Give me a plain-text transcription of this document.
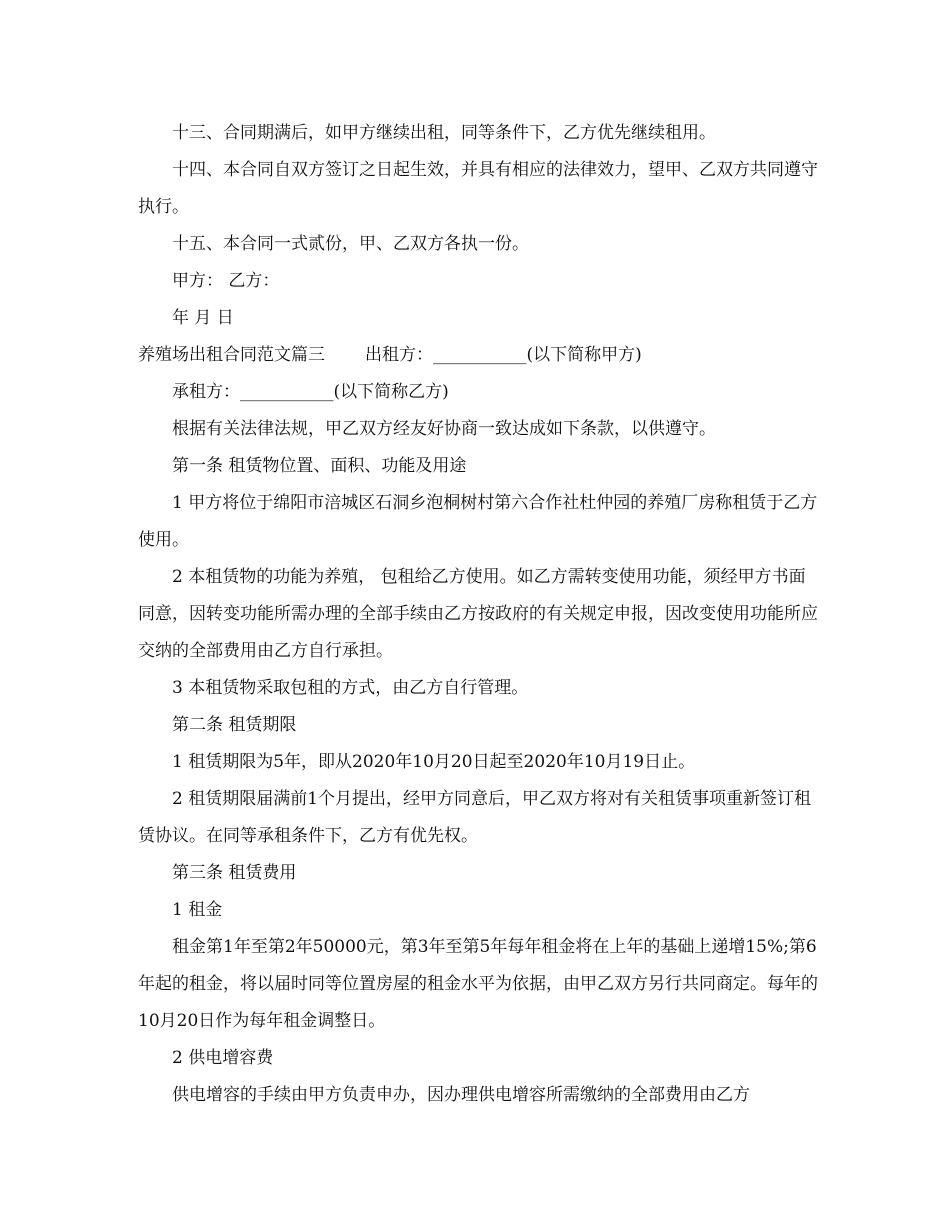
十三、合同期满后，如甲方继续出租，同等条件下，乙方优先继续租用。

十四、本合同自双方签订之日起生效，并具有相应的法律效力，望甲、乙双方共同遵守执行。

十五、本合同一式贰份，甲、乙双方各执一份。

甲方： 乙方：

年 月 日

养殖场出租合同范文篇三 出租方：___________(以下简称甲方)

承租方：___________(以下简称乙方)

根据有关法律法规，甲乙双方经友好协商一致达成如下条款，以供遵守。

第一条 租赁物位置、面积、功能及用途

1 甲方将位于绵阳市涪城区石洞乡泡桐树村第六合作社杜仲园的养殖厂房称租赁于乙方使用。

2 本租赁物的功能为养殖， 包租给乙方使用。如乙方需转变使用功能，须经甲方书面同意，因转变功能所需办理的全部手续由乙方按政府的有关规定申报，因改变使用功能所应交纳的全部费用由乙方自行承担。

3 本租赁物采取包租的方式，由乙方自行管理。

第二条 租赁期限

1 租赁期限为5年，即从2020年10月20日起至2020年10月19日止。

2 租赁期限届满前1个月提出，经甲方同意后，甲乙双方将对有关租赁事项重新签订租赁协议。在同等承租条件下，乙方有优先权。

第三条 租赁费用

1 租金

租金第1年至第2年50000元，第3年至第5年每年租金将在上年的基础上递增15%;第6年起的租金，将以届时同等位置房屋的租金水平为依据，由甲乙双方另行共同商定。每年的10月20日作为每年租金调整日。

2 供电增容费

供电增容的手续由甲方负责申办，因办理供电增容所需缴纳的全部费用由乙方
